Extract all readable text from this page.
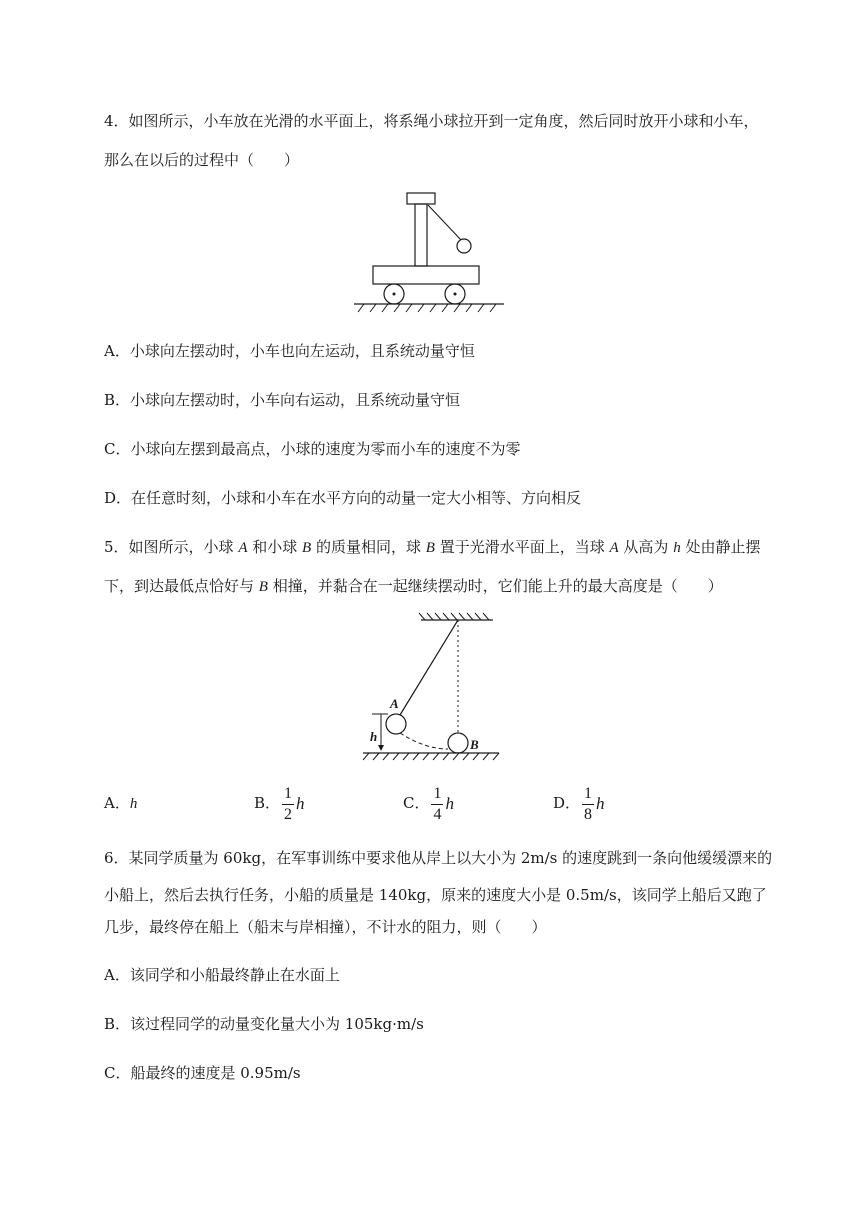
4．如图所示，小车放在光滑的水平面上，将系绳小球拉开到一定角度，然后同时放开小球和小车，
那么在以后的过程中（　　）
A．小球向左摆动时，小车也向左运动，且系统动量守恒
B．小球向左摆动时，小车向右运动，且系统动量守恒
C．小球向左摆到最高点，小球的速度为零而小车的速度不为零
D．在任意时刻，小球和小车在水平方向的动量一定大小相等、方向相反
5．如图所示，小球 A 和小球 B 的质量相同，球 B 置于光滑水平面上，当球 A 从高为 h 处由静止摆
下，到达最低点恰好与 B 相撞，并黏合在一起继续摆动时，它们能上升的最大高度是（　　）
A
B
h
A．h	B． $\frac{1}{2}$ h	C． $\frac{1}{4}$ h	D． $\frac{1}{8}$ h
6．某同学质量为 60kg，在军事训练中要求他从岸上以大小为 2m/s 的速度跳到一条向他缓缓漂来的
小船上，然后去执行任务，小船的质量是 140kg，原来的速度大小是 0.5m/s，该同学上船后又跑了
几步，最终停在船上（船末与岸相撞），不计水的阻力，则（　　）
A．该同学和小船最终静止在水面上
B．该过程同学的动量变化量大小为 105kg·m/s
C．船最终的速度是 0.95m/s
